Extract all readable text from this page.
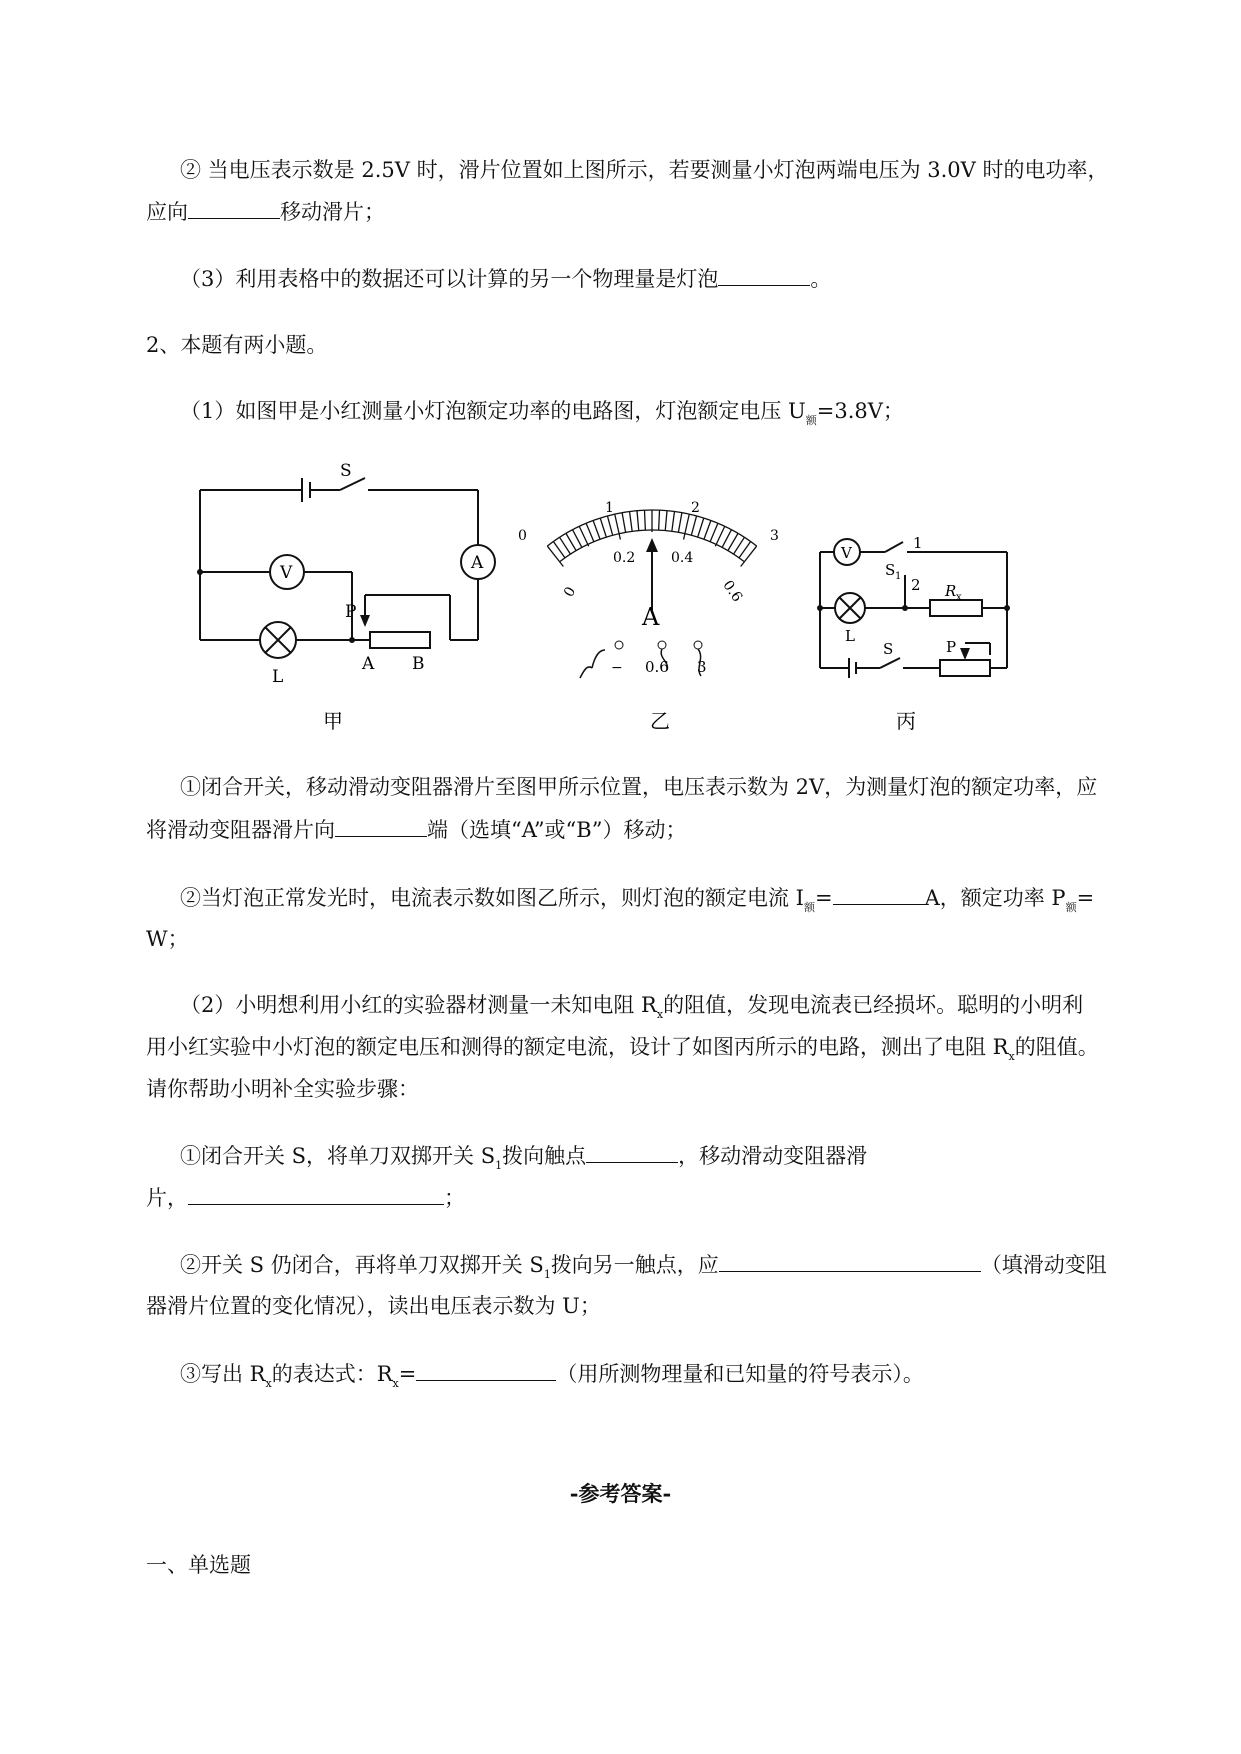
② 当电压表示数是 2.5V 时，滑片位置如上图所示，若要测量小灯泡两端电压为 3.0V 时的电功率，
应向	移动滑片；
（3）利用表格中的数据还可以计算的另一个物理量是灯泡	。
2、本题有两小题。
（1）如图甲是小红测量小灯泡额定功率的电路图，灯泡额定电压 $U_额=3.8V$；
S
A
V
L
P
A B
甲
0
1	2
3
0
0.2	0.4
0.6
A
− 0.6 3
乙
V
S 1
1
2 R x
L
S	P
丙
①闭合开关，移动滑动变阻器滑片至图甲所示位置，电压表示数为 2V，为测量灯泡的额定功率，应
将滑动变阻器滑片向	端（选填“A”或“B”）移动；
②当灯泡正常发光时，电流表示数如图乙所示，则灯泡的额定电流 $I_额=$	A，额定功率 $P_额=$
W；
（2）小明想利用小红的实验器材测量一未知电阻 $R_x$的阻值，发现电流表已经损坏。聪明的小明利
用小红实验中小灯泡的额定电压和测得的额定电流，设计了如图丙所示的电路，测出了电阻 $R_x$的阻值。
请你帮助小明补全实验步骤：
①闭合开关 S，将单刀双掷开关 $S_1$拨向触点	，移动滑动变阻器滑
片，	；
②开关 S 仍闭合，再将单刀双掷开关 $S_1$拨向另一触点，应	（填滑动变阻
器滑片位置的变化情况），读出电压表示数为 U；
③写出 $R_x$的表达式：$R_x=$	（用所测物理量和已知量的符号表示）。
-参考答案-
一、单选题
